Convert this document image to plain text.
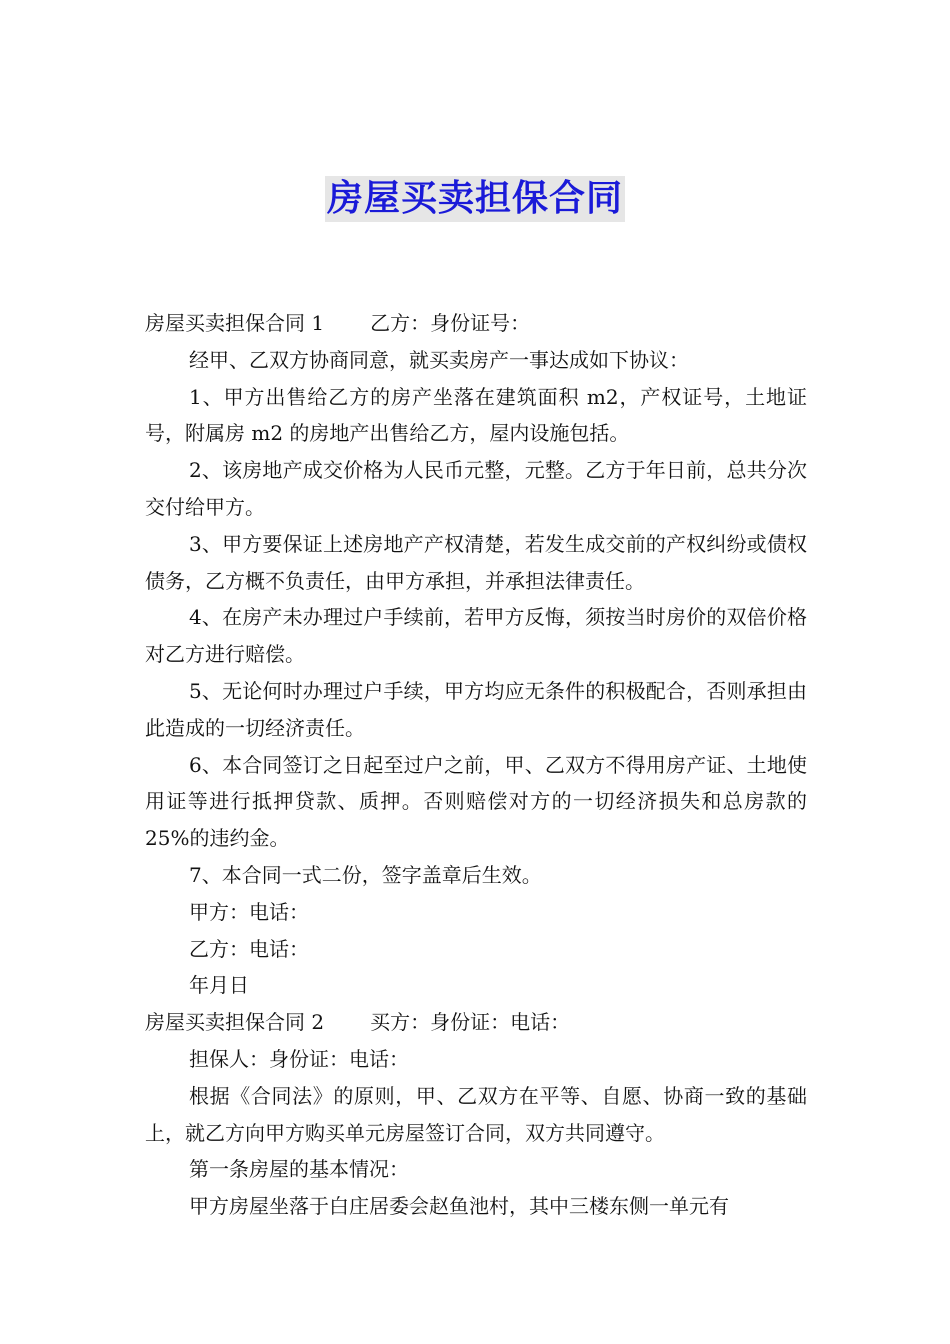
房屋买卖担保合同

房屋买卖担保合同 1 乙方：身份证号：

经甲、乙双方协商同意，就买卖房产一事达成如下协议：

1、甲方出售给乙方的房产坐落在建筑面积 m2，产权证号，土地证号，附属房 m2 的房地产出售给乙方，屋内设施包括。

2、该房地产成交价格为人民币元整，元整。乙方于年日前，总共分次交付给甲方。

3、甲方要保证上述房地产产权清楚，若发生成交前的产权纠纷或债权债务，乙方概不负责任，由甲方承担，并承担法律责任。

4、在房产未办理过户手续前，若甲方反悔，须按当时房价的双倍价格对乙方进行赔偿。

5、无论何时办理过户手续，甲方均应无条件的积极配合，否则承担由此造成的一切经济责任。

6、本合同签订之日起至过户之前，甲、乙双方不得用房产证、土地使用证等进行抵押贷款、质押。否则赔偿对方的一切经济损失和总房款的 25%的违约金。

7、本合同一式二份，签字盖章后生效。

甲方：电话：

乙方：电话：

年月日

房屋买卖担保合同 2 买方：身份证：电话：

担保人：身份证：电话：

根据《合同法》的原则，甲、乙双方在平等、自愿、协商一致的基础上，就乙方向甲方购买单元房屋签订合同，双方共同遵守。

第一条房屋的基本情况：

甲方房屋坐落于白庄居委会赵鱼池村，其中三楼东侧一单元有
